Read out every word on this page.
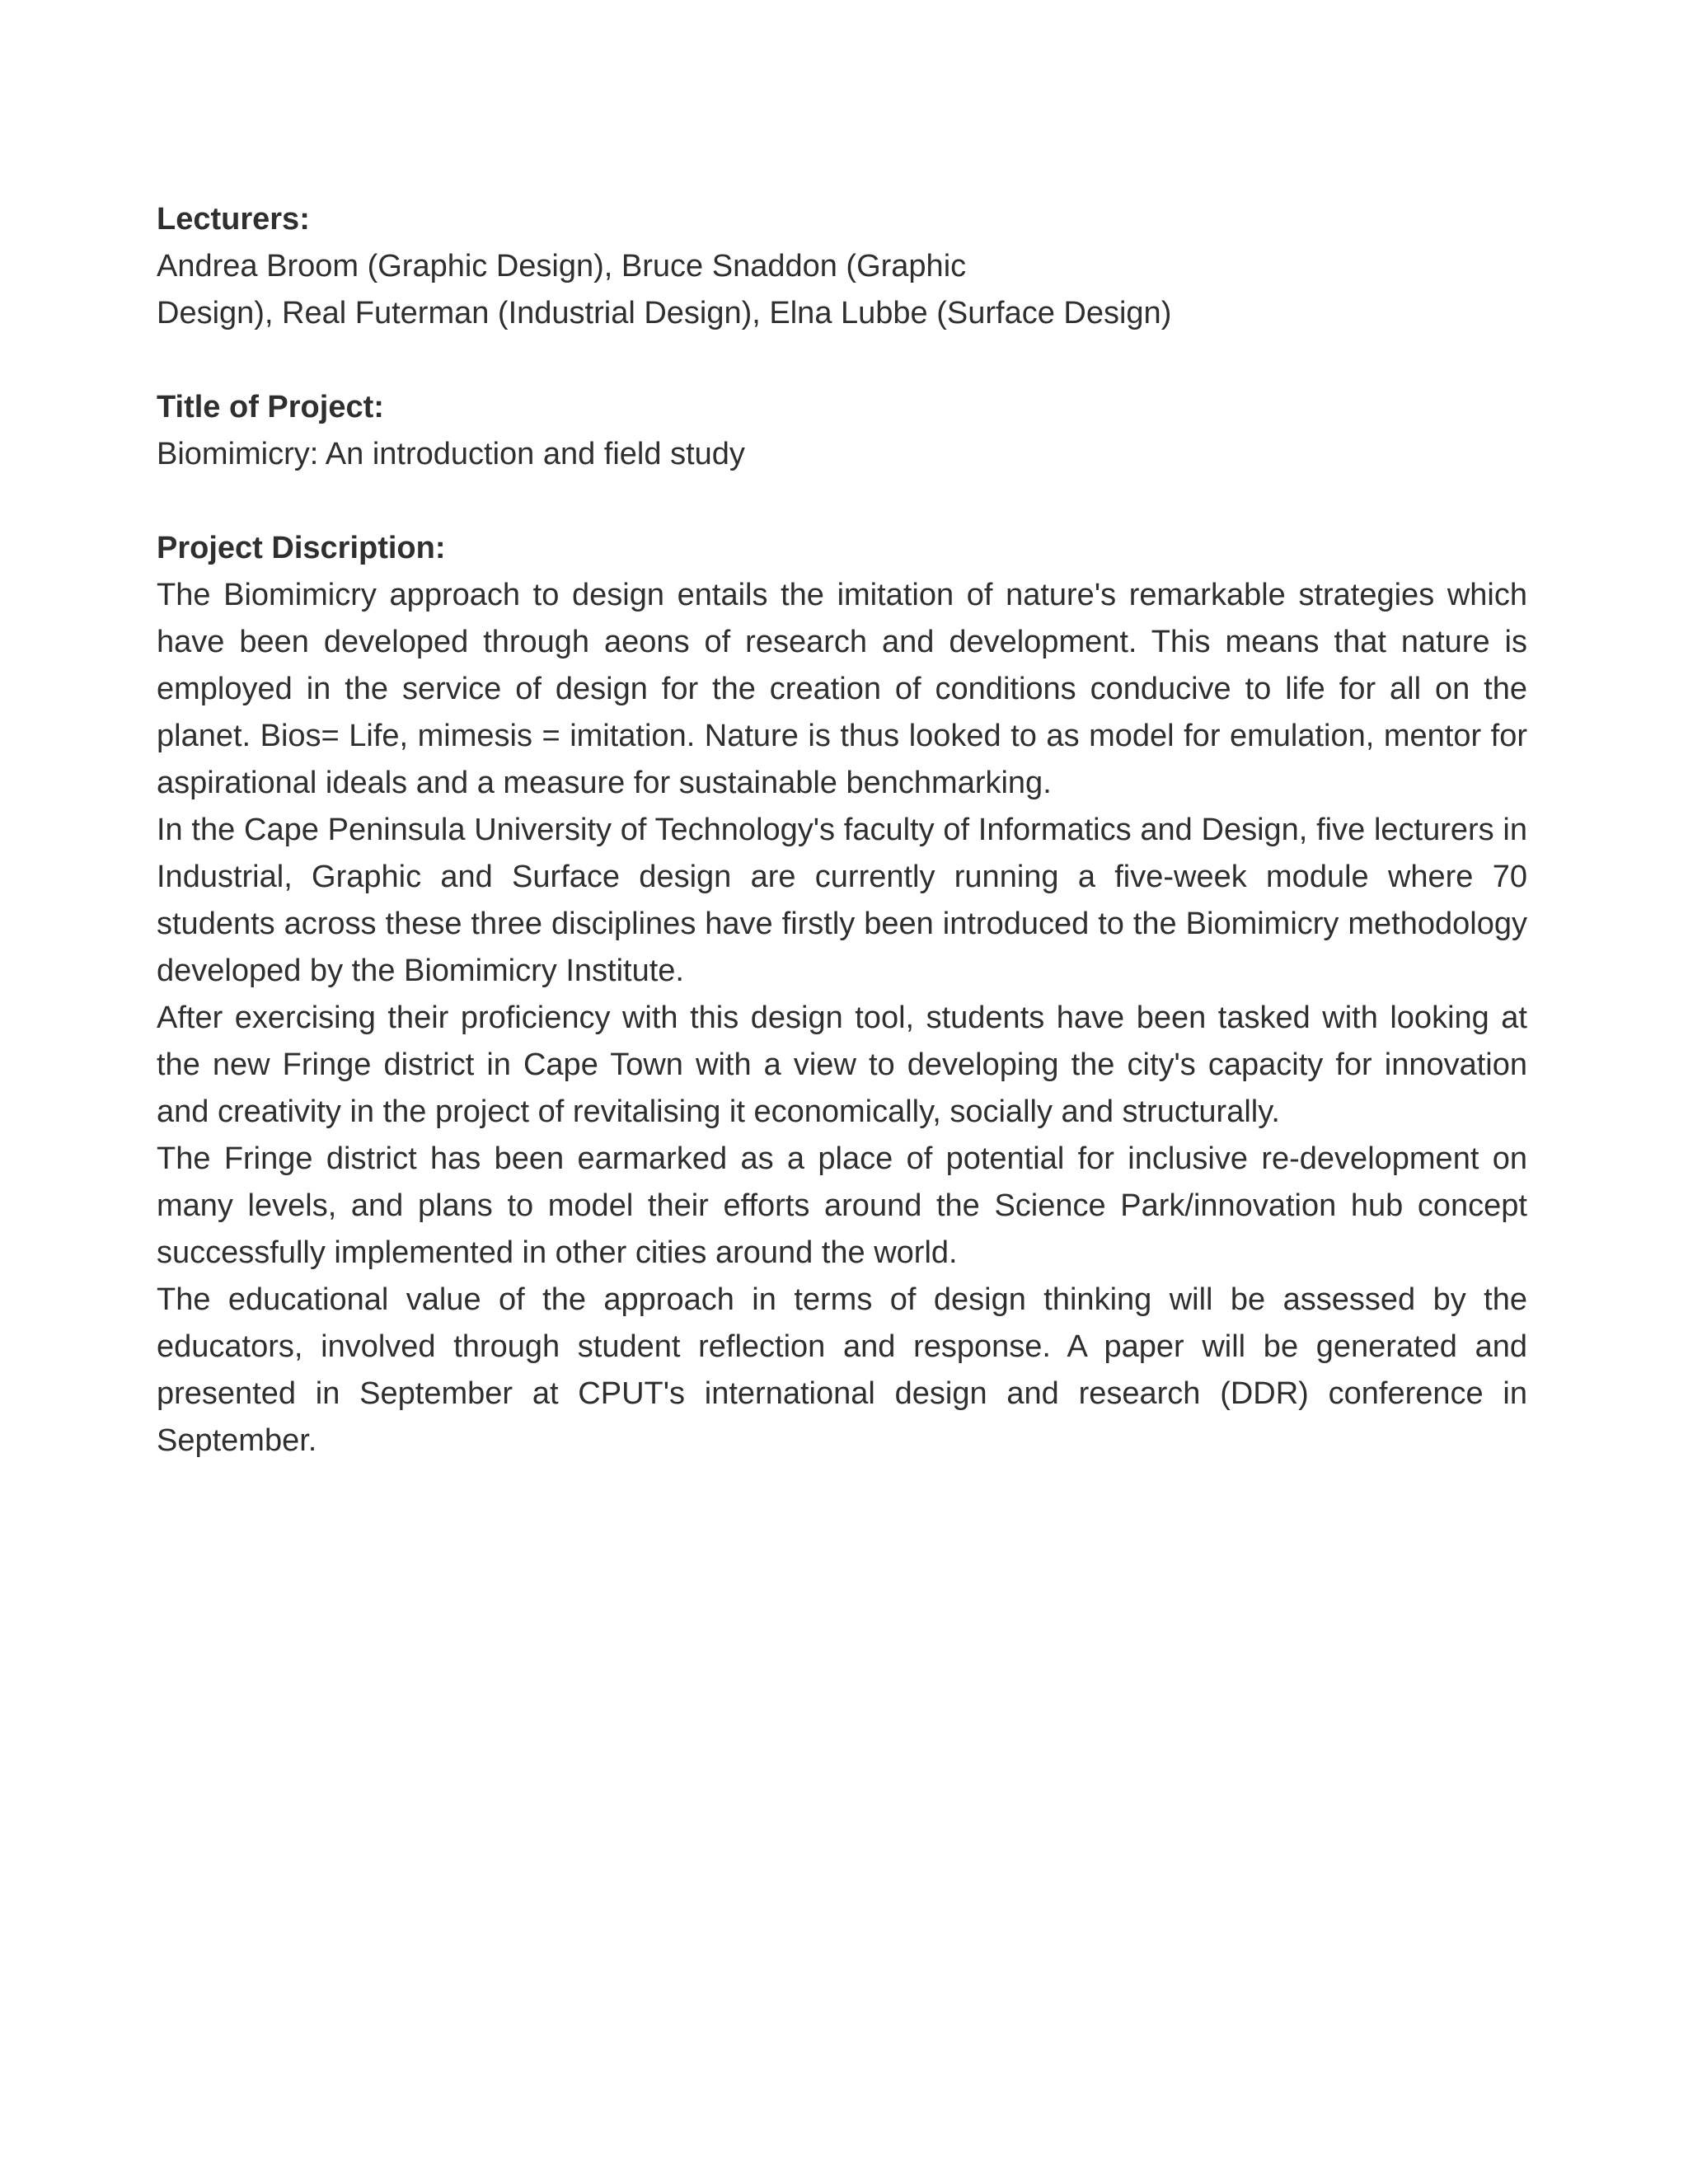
Lecturers:

Andrea Broom (Graphic Design), Bruce Snaddon (Graphic
Design), Real Futerman (Industrial Design), Elna Lubbe (Surface Design)

Title of Project:

Biomimicry: An introduction and field study

Project Discription:

The Biomimicry approach to design entails the imitation of nature's remarkable strategies which have been developed through aeons of research and development. This means that nature is employed in the service of design for the creation of conditions conducive to life for all on the planet. Bios= Life, mimesis = imitation. Nature is thus looked to as model for emulation, mentor for aspirational ideals and a measure for sustainable benchmarking.

In the Cape Peninsula University of Technology's faculty of Informatics and Design, five lecturers in Industrial, Graphic and Surface design are currently running a five-week module where 70 students across these three disciplines have firstly been introduced to the Biomimicry methodology developed by the Biomimicry Institute.

After exercising their proficiency with this design tool, students have been tasked with looking at the new Fringe district in Cape Town with a view to developing the city's capacity for innovation and creativity in the project of revitalising it economically, socially and structurally.

The Fringe district has been earmarked as a place of potential for inclusive re-development on many levels, and plans to model their efforts around the Science Park/innovation hub concept successfully implemented in other cities around the world.

The educational value of the approach in terms of design thinking will be assessed by the educators, involved through student reflection and response. A paper will be generated and presented in September at CPUT's international design and research (DDR) conference in September.
